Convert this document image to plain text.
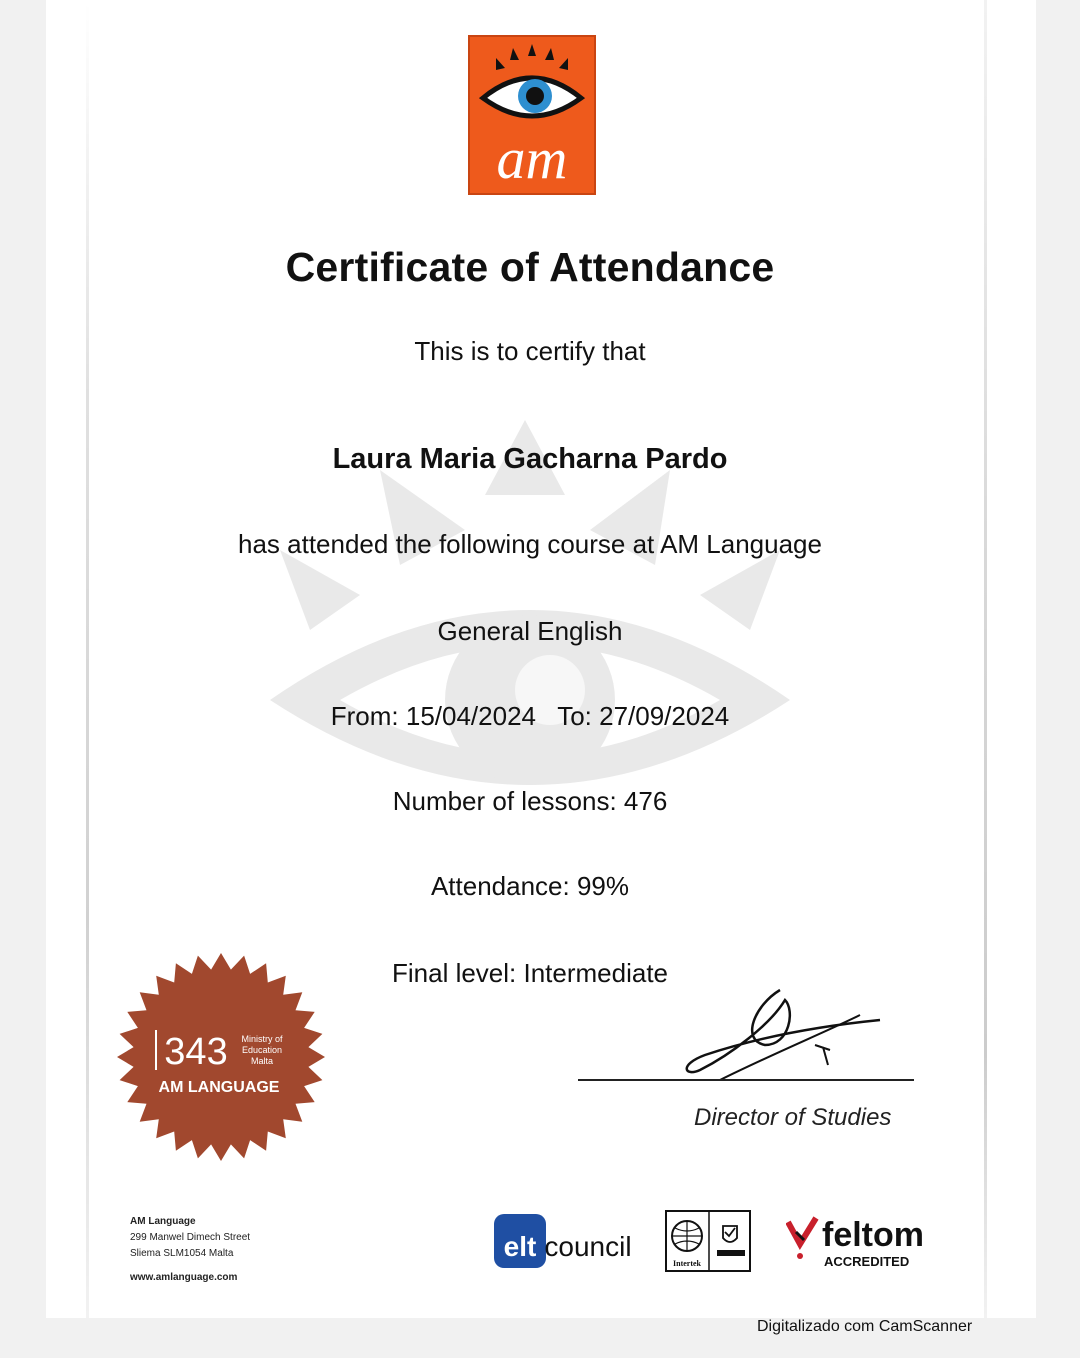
am
Certificate of Attendance
This is to certify that
Laura Maria Gacharna Pardo
has attended the following course at AM Language
General English
From: 15/04/2024   To: 27/09/2024
Number of lessons: 476
Attendance: 99%
Final level: Intermediate
343 Ministry of
Education
Malta
AM LANGUAGE
Director of Studies
AM Language
299 Manwel Dimech Street
Sliema SLM1054 Malta
www.amlanguage.com
elt council
Intertek
feltom
ACCREDITED
Digitalizado com CamScanner
